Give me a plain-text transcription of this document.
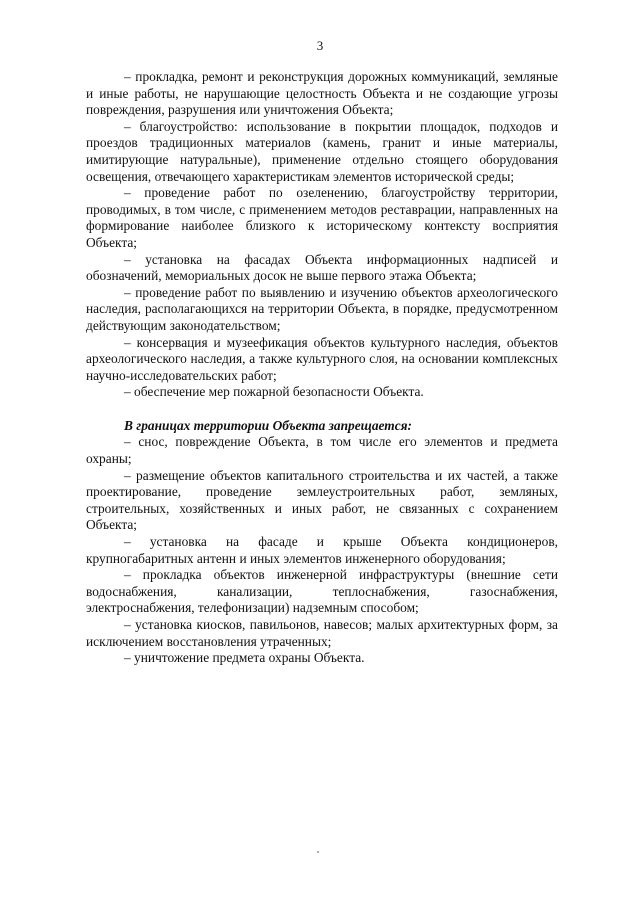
3

– прокладка, ремонт и реконструкция дорожных коммуникаций, земляные и иные работы, не нарушающие целостность Объекта и не создающие угрозы повреждения, разрушения или уничтожения Объекта;

– благоустройство: использование в покрытии площадок, подходов и проездов традиционных материалов (камень, гранит и иные материалы, имитирующие натуральные), применение отдельно стоящего оборудования освещения, отвечающего характеристикам элементов исторической среды;

– проведение работ по озеленению, благоустройству территории, проводимых, в том числе, с применением методов реставрации, направленных на формирование наиболее близкого к историческому контексту восприятия Объекта;

– установка на фасадах Объекта информационных надписей и обозначений, мемориальных досок не выше первого этажа Объекта;

– проведение работ по выявлению и изучению объектов археологического наследия, располагающихся на территории Объекта, в порядке, предусмотренном действующим законодательством;

– консервация и музеефикация объектов культурного наследия, объектов археологического наследия, а также культурного слоя, на основании комплексных научно-исследовательских работ;

– обеспечение мер пожарной безопасности Объекта.

В границах территории Объекта запрещается:

– снос, повреждение Объекта, в том числе его элементов и предмета охраны;

– размещение объектов капитального строительства и их частей, а также проектирование, проведение землеустроительных работ, земляных, строительных, хозяйственных и иных работ, не связанных с сохранением Объекта;

– установка на фасаде и крыше Объекта кондиционеров, крупногабаритных антенн и иных элементов инженерного оборудования;

– прокладка объектов инженерной инфраструктуры (внешние сети водоснабжения, канализации, теплоснабжения, газоснабжения, электроснабжения, телефонизации) надземным способом;

– установка киосков, павильонов, навесов; малых архитектурных форм, за исключением восстановления утраченных;

– уничтожение предмета охраны Объекта.
